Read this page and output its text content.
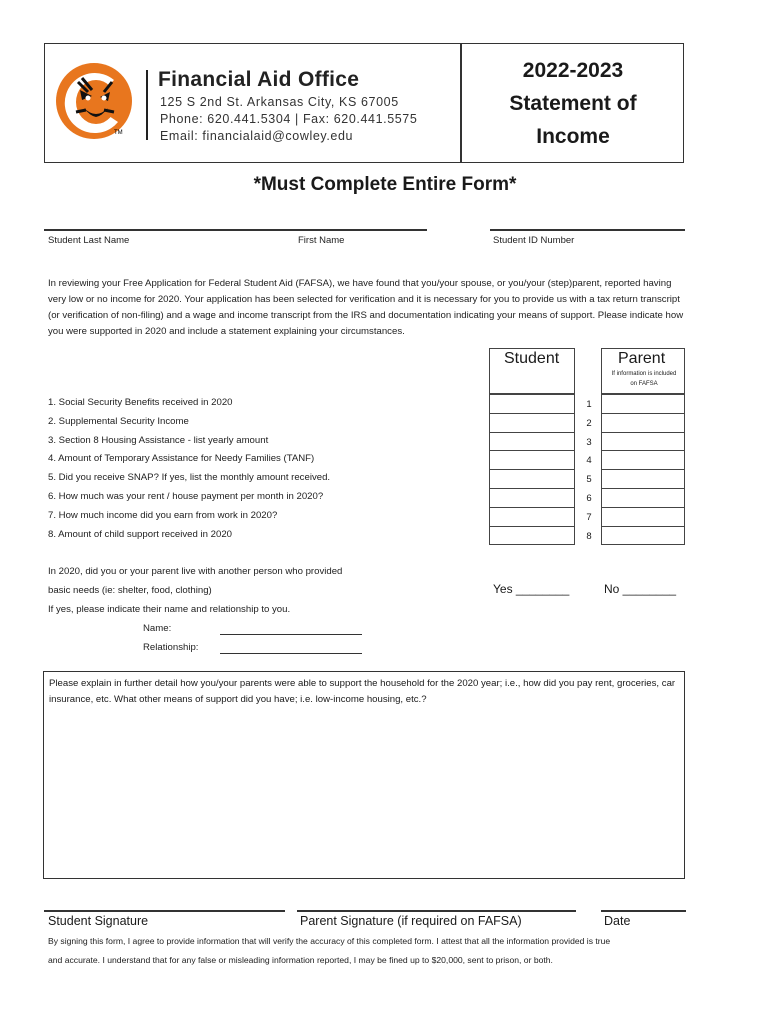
TM
Financial Aid Office
125 S 2nd St. Arkansas City, KS 67005
Phone: 620.441.5304 | Fax: 620.441.5575
Email: financialaid@cowley.edu
2022-2023
Statement of
Income
*Must Complete Entire Form*
Student Last Name	First Name	Student ID Number
In reviewing your Free Application for Federal Student Aid (FAFSA), we have found that you/your spouse, or you/your (step)parent, reported having very low or no income for 2020. Your application has been selected for verification and it is necessary for you to provide us with a tax return transcript (or verification of non-filing) and a wage and income transcript from the IRS and documentation indicating your means of support. Please indicate how you were supported in 2020 and include a statement explaining your circumstances.
Student	Parent
If information is included
on FAFSA
1. Social Security Benefits received in 2020	1
2. Supplemental Security Income	2
3. Section 8 Housing Assistance - list yearly amount	3
4. Amount of Temporary Assistance for Needy Families (TANF)	4
5. Did you receive SNAP? If yes, list the monthly amount received.	5
6. How much was your rent / house payment per month in 2020?	6
7. How much income did you earn from work in 2020?	7
8. Amount of child support received in 2020	8
In 2020, did you or your parent live with another person who provided
basic needs (ie: shelter, food, clothing)	Yes ________	No ________
If yes, please indicate their name and relationship to you.
Name:
Relationship:
Please explain in further detail how you/your parents were able to support the household for the 2020 year; i.e., how did you pay rent, groceries, car insurance, etc. What other means of support did you have; i.e. low-income housing, etc.?
Student Signature	Parent Signature (if required on FAFSA)	Date
By signing this form, I agree to provide information that will verify the accuracy of this completed form. I attest that all the information provided is true
and accurate. I understand that for any false or misleading information reported, I may be fined up to $20,000, sent to prison, or both.
